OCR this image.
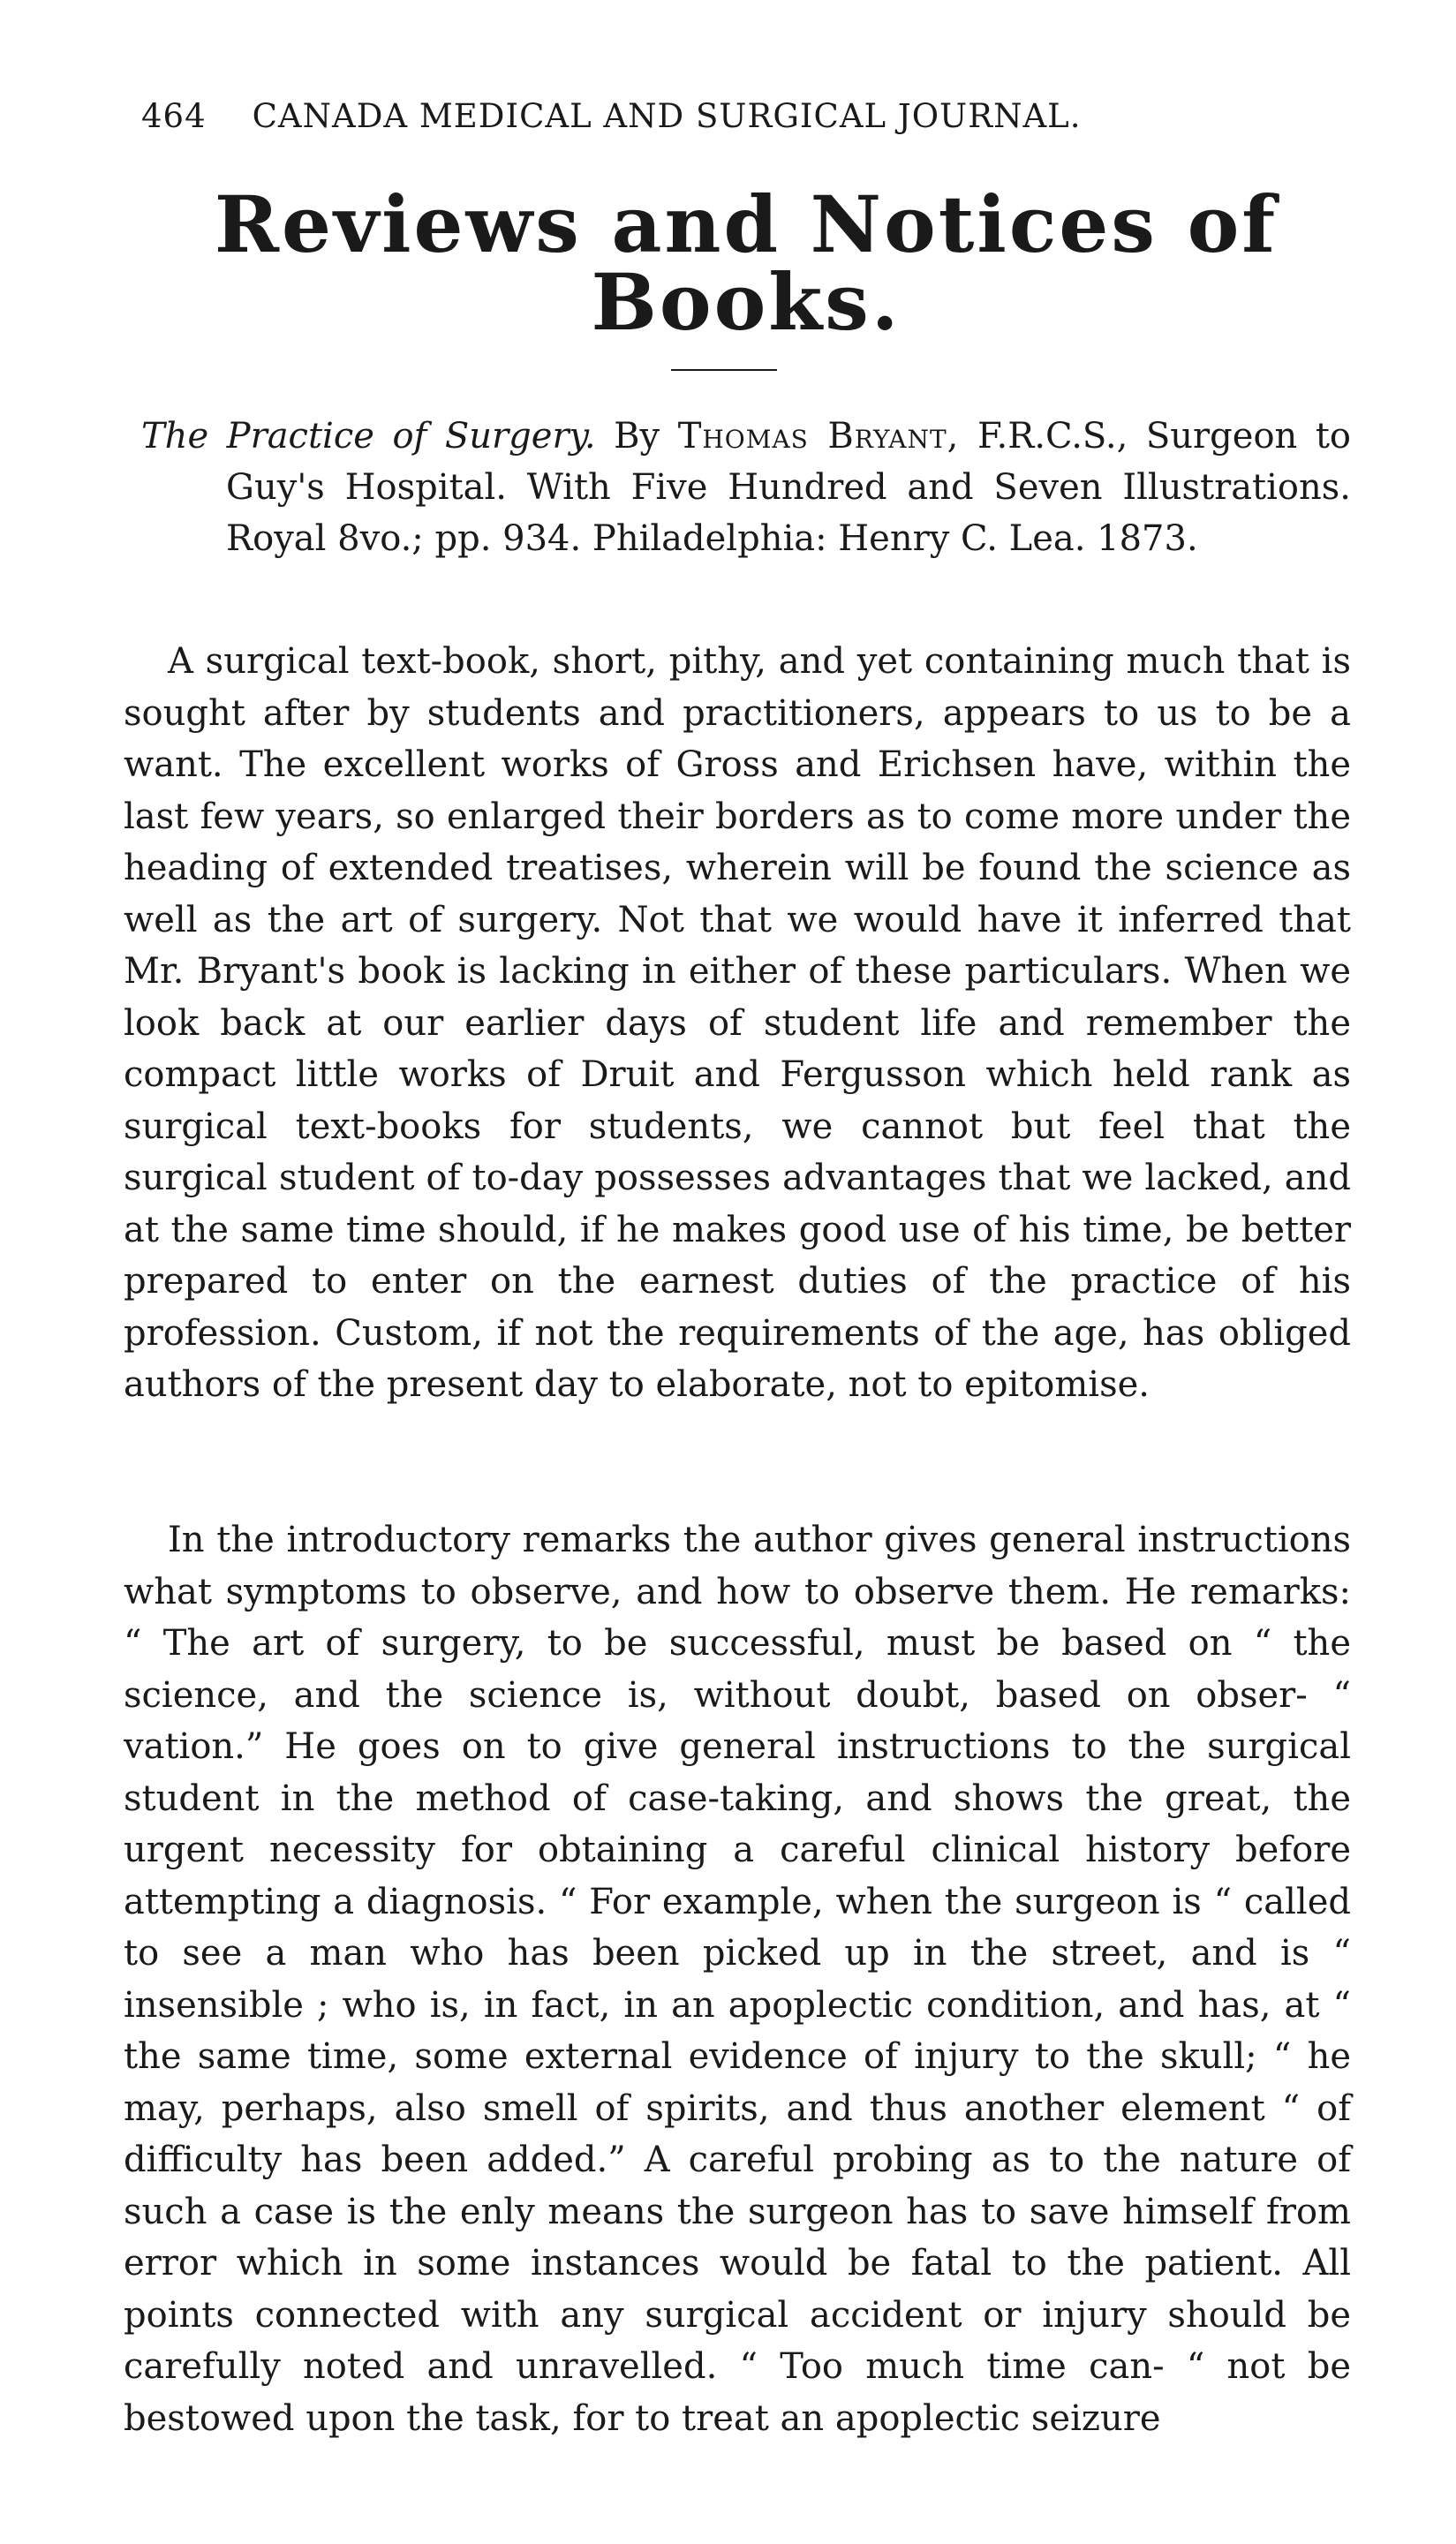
464 CANADA MEDICAL AND SURGICAL JOURNAL.
Reviews and Notices of Books.
The Practice of Surgery. By Thomas Bryant, F.R.C.S., Surgeon to Guy's Hospital. With Five Hundred and Seven Illustrations. Royal 8vo.; pp. 934. Philadelphia: Henry C. Lea. 1873.

A surgical text-book, short, pithy, and yet containing much that is sought after by students and practitioners, appears to us to be a want. The excellent works of Gross and Erichsen have, within the last few years, so enlarged their borders as to come more under the heading of extended treatises, wherein will be found the science as well as the art of surgery. Not that we would have it inferred that Mr. Bryant's book is lacking in either of these particulars. When we look back at our earlier days of student life and remember the compact little works of Druit and Fergusson which held rank as surgical text-books for students, we cannot but feel that the surgical student of to-day possesses advantages that we lacked, and at the same time should, if he makes good use of his time, be better prepared to enter on the earnest duties of the practice of his profession. Custom, if not the requirements of the age, has obliged authors of the present day to elaborate, not to epitomise.

In the introductory remarks the author gives general instructions what symptoms to observe, and how to observe them. He remarks: “ The art of surgery, to be successful, must be based on “ the science, and the science is, without doubt, based on obser- “ vation.” He goes on to give general instructions to the surgical student in the method of case-taking, and shows the great, the urgent necessity for obtaining a careful clinical history before attempting a diagnosis. “ For example, when the surgeon is “ called to see a man who has been picked up in the street, and is “ insensible ; who is, in fact, in an apoplectic condition, and has, at “ the same time, some external evidence of injury to the skull; “ he may, perhaps, also smell of spirits, and thus another element “ of difficulty has been added.” A careful probing as to the nature of such a case is the enly means the surgeon has to save himself from error which in some instances would be fatal to the patient. All points connected with any surgical accident or injury should be carefully noted and unravelled. “ Too much time can- “ not be bestowed upon the task, for to treat an apoplectic seizure
